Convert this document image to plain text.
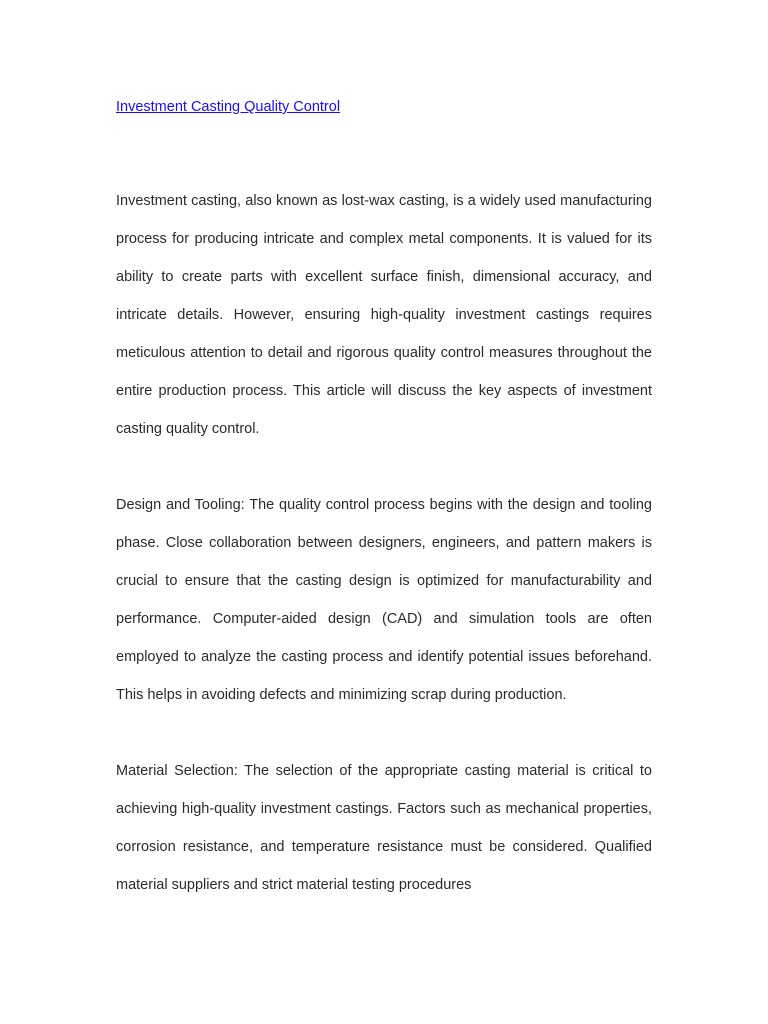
Investment Casting Quality Control

Investment casting, also known as lost-wax casting, is a widely used manufacturing process for producing intricate and complex metal components. It is valued for its ability to create parts with excellent surface finish, dimensional accuracy, and intricate details. However, ensuring high-quality investment castings requires meticulous attention to detail and rigorous quality control measures throughout the entire production process. This article will discuss the key aspects of investment casting quality control.

Design and Tooling: The quality control process begins with the design and tooling phase. Close collaboration between designers, engineers, and pattern makers is crucial to ensure that the casting design is optimized for manufacturability and performance. Computer-aided design (CAD) and simulation tools are often employed to analyze the casting process and identify potential issues beforehand. This helps in avoiding defects and minimizing scrap during production.

Material Selection: The selection of the appropriate casting material is critical to achieving high-quality investment castings. Factors such as mechanical properties, corrosion resistance, and temperature resistance must be considered. Qualified material suppliers and strict material testing procedures
